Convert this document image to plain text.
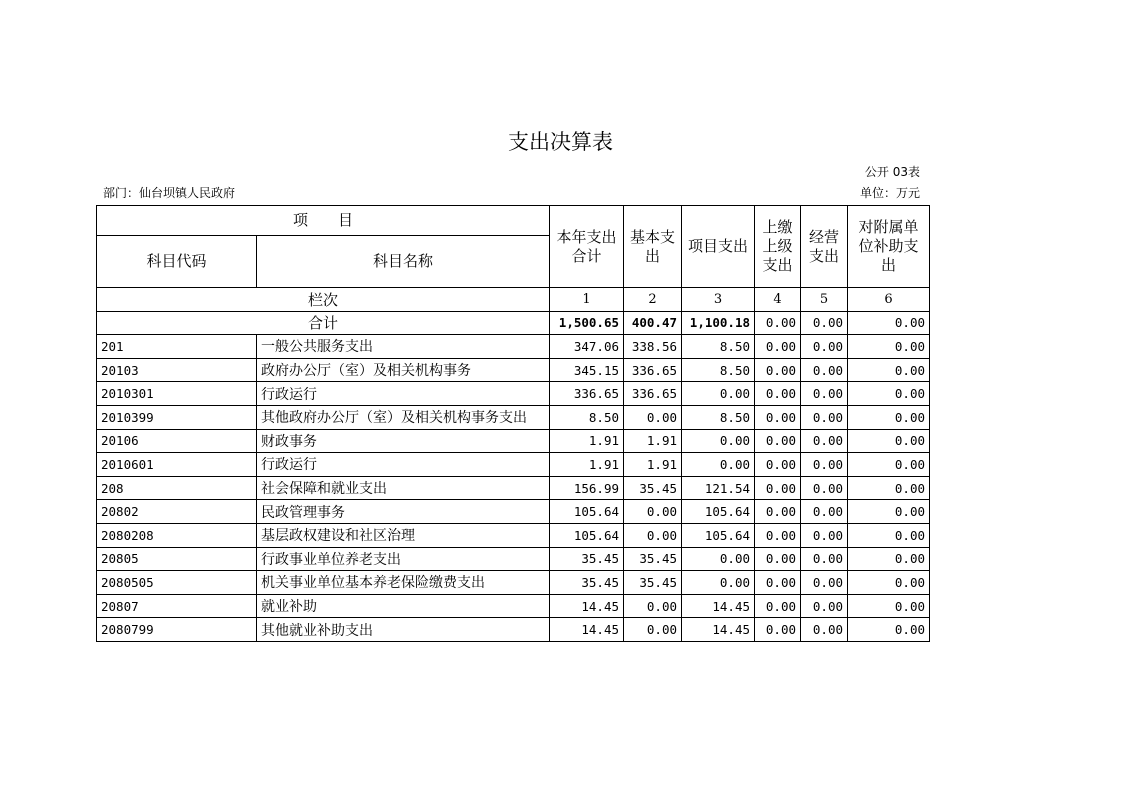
支出决算表
公开 03表
部门：仙台坝镇人民政府	单位：万元
项　　目		本年支出合计	基本支出	项目支出	上缴上级支出	经营支出	对附属单位补助支出
科目代码	科目名称						
栏次		1	2	3	4	5	6
合计		1,500.65	400.47	1,100.18	0.00	0.00	0.00
201	一般公共服务支出	347.06	338.56	8.50	0.00	0.00	0.00
20103	政府办公厅（室）及相关机构事务	345.15	336.65	8.50	0.00	0.00	0.00
2010301	行政运行	336.65	336.65	0.00	0.00	0.00	0.00
2010399	其他政府办公厅（室）及相关机构事务支出	8.50	0.00	8.50	0.00	0.00	0.00
20106	财政事务	1.91	1.91	0.00	0.00	0.00	0.00
2010601	行政运行	1.91	1.91	0.00	0.00	0.00	0.00
208	社会保障和就业支出	156.99	35.45	121.54	0.00	0.00	0.00
20802	民政管理事务	105.64	0.00	105.64	0.00	0.00	0.00
2080208	基层政权建设和社区治理	105.64	0.00	105.64	0.00	0.00	0.00
20805	行政事业单位养老支出	35.45	35.45	0.00	0.00	0.00	0.00
2080505	机关事业单位基本养老保险缴费支出	35.45	35.45	0.00	0.00	0.00	0.00
20807	就业补助	14.45	0.00	14.45	0.00	0.00	0.00
2080799	其他就业补助支出	14.45	0.00	14.45	0.00	0.00	0.00
